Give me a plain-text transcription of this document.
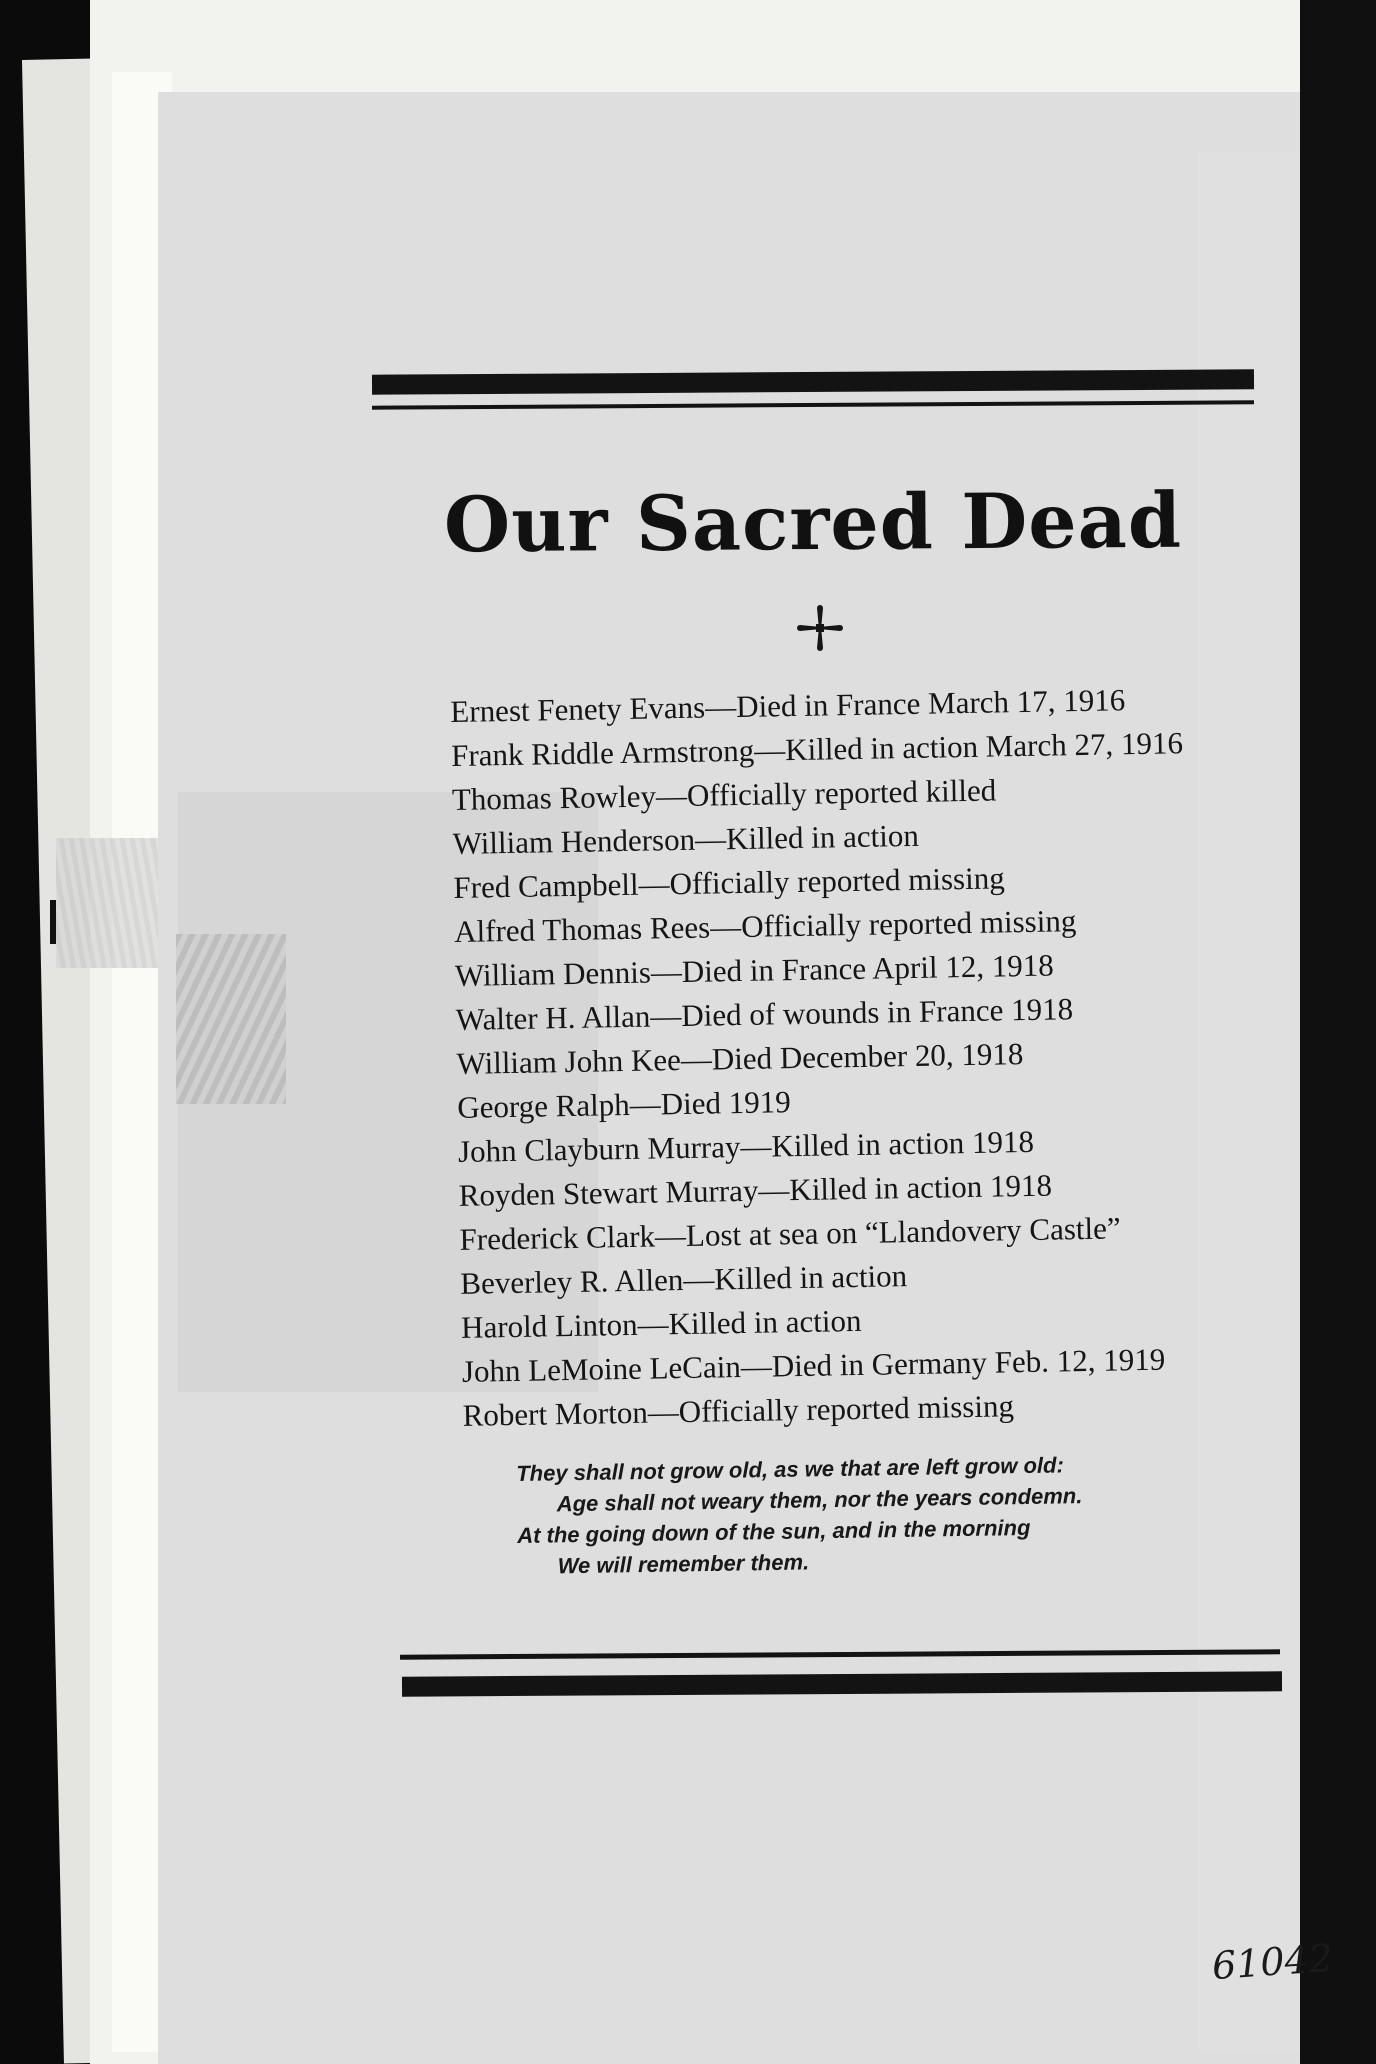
Our Sacred Dead
Ernest Fenety Evans—Died in France March 17, 1916
Frank Riddle Armstrong—Killed in action March 27, 1916
Thomas Rowley—Officially reported killed
William Henderson—Killed in action
Fred Campbell—Officially reported missing
Alfred Thomas Rees—Officially reported missing
William Dennis—Died in France April 12, 1918
Walter H. Allan—Died of wounds in France 1918
William John Kee—Died December 20, 1918
George Ralph—Died 1919
John Clayburn Murray—Killed in action 1918
Royden Stewart Murray—Killed in action 1918
Frederick Clark—Lost at sea on “Llandovery Castle”
Beverley R. Allen—Killed in action
Harold Linton—Killed in action
John LeMoine LeCain—Died in Germany Feb. 12, 1919
Robert Morton—Officially reported missing
They shall not grow old, as we that are left grow old:
Age shall not weary them, nor the years condemn.
At the going down of the sun, and in the morning
We will remember them.
61042
